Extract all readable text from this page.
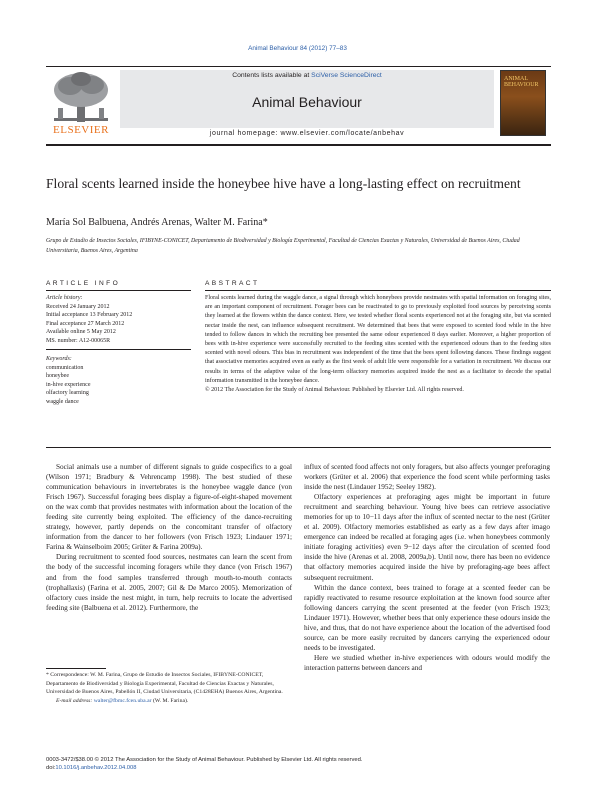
Animal Behaviour 84 (2012) 77–83
ELSEVIER
Contents lists available at SciVerse ScienceDirect
Animal Behaviour
journal homepage: www.elsevier.com/locate/anbehav
ANIMAL BEHAVIOUR
Floral scents learned inside the honeybee hive have a long-lasting effect on recruitment
María Sol Balbuena, Andrés Arenas, Walter M. Farina*
Grupo de Estudio de Insectos Sociales, IFIBYNE-CONICET, Departamento de Biodiversidad y Biología Experimental, Facultad de Ciencias Exactas y Naturales, Universidad de Buenos Aires, Ciudad Universitaria, Buenos Aires, Argentina
ARTICLE INFO	ABSTRACT
Article history:
Received 24 January 2012
Initial acceptance 13 February 2012
Final acceptance 27 March 2012
Available online 5 May 2012
MS. number: A12-00065R
Keywords:
communication
honeybee
in-hive experience
olfactory learning
waggle dance
Floral scents learned during the waggle dance, a signal through which honeybees provide nestmates with spatial information on foraging sites, are an important component of recruitment. Forager bees can be reactivated to go to previously exploited food sources by perceiving scents they learned at the flowers within the dance context. Here, we tested whether floral scents experienced not at the foraging site, but via scented nectar inside the nest, can influence subsequent recruitment. We determined that bees that were exposed to scented food while in the hive tended to follow dances in which the recruiting bee presented the same odour experienced 8 days earlier. Moreover, a higher proportion of bees with in-hive experience were successfully recruited to the feeding sites scented with the experienced odours than to the feeding sites scented with novel odours. This bias in recruitment was independent of the time that the bees spent following dances. These findings suggest that associative memories acquired even as early as the first week of adult life were responsible for a variation in recruitment. We discuss our results in terms of the adaptive value of the long-term olfactory memories acquired inside the nest as a facilitator to decode the spatial information transmitted in the honeybee dance.
© 2012 The Association for the Study of Animal Behaviour. Published by Elsevier Ltd. All rights reserved.

Social animals use a number of different signals to guide cospecifics to a goal (Wilson 1971; Bradbury & Vehrencamp 1998). The best studied of these communication behaviours in invertebrates is the honeybee waggle dance (von Frisch 1967). Successful foraging bees display a figure-of-eight-shaped movement on the wax comb that provides nestmates with information about the location of the feeding site currently being exploited. The efficiency of the dance-recruiting strategy, however, partly depends on the concomitant transfer of olfactory information from the dancer to her followers (von Frisch 1923; Lindauer 1971; Farina & Wainselboim 2005; Grüter & Farina 2009a).

During recruitment to scented food sources, nestmates can learn the scent from the body of the successful incoming foragers while they dance (von Frisch 1967) and from the food samples transferred through mouth-to-mouth contacts (trophallaxis) (Farina et al. 2005, 2007; Gil & De Marco 2005). Memorization of olfactory cues inside the nest might, in turn, help recruits to locate the advertised feeding site (Balbuena et al. 2012). Furthermore, the

influx of scented food affects not only foragers, but also affects younger preforaging workers (Grüter et al. 2006) that experience the food scent while performing tasks inside the nest (Lindauer 1952; Seeley 1982).

Olfactory experiences at preforaging ages might be important in future recruitment and searching behaviour. Young hive bees can retrieve associative memories for up to 10−11 days after the influx of scented nectar to the nest (Grüter et al. 2009). Olfactory memories established as early as a few days after imago emergence can indeed be recalled at foraging ages (i.e. when honeybees commonly initiate foraging activities) even 9−12 days after the circulation of scented food inside the hive (Arenas et al. 2008, 2009a,b). Until now, there has been no evidence that olfactory memories acquired inside the hive by preforaging-age bees affect subsequent recruitment.

Within the dance context, bees trained to forage at a scented feeder can be rapidly reactivated to resume resource exploitation at the known food source after following dancers carrying the scent presented at the feeder (von Frisch 1923; Lindauer 1971). However, whether bees that only experience these odours inside the hive, and thus, that do not have experience about the location of the advertised food source, can be more easily recruited by dancers carrying the experienced odour needs to be investigated.

Here we studied whether in-hive experiences with odours would modify the interaction patterns between dancers and

* Correspondence: W. M. Farina, Grupo de Estudio de Insectos Sociales, IFIBYNE-CONICET, Departamento de Biodiversidad y Biología Experimental, Facultad de Ciencias Exactas y Naturales, Universidad de Buenos Aires, Pabellón II, Ciudad Universitaria, (C1428EHA) Buenos Aires, Argentina.
E-mail address: walter@fbmc.fcen.uba.ar (W. M. Farina).
0003-3472/$38.00 © 2012 The Association for the Study of Animal Behaviour. Published by Elsevier Ltd. All rights reserved.
doi:10.1016/j.anbehav.2012.04.008
